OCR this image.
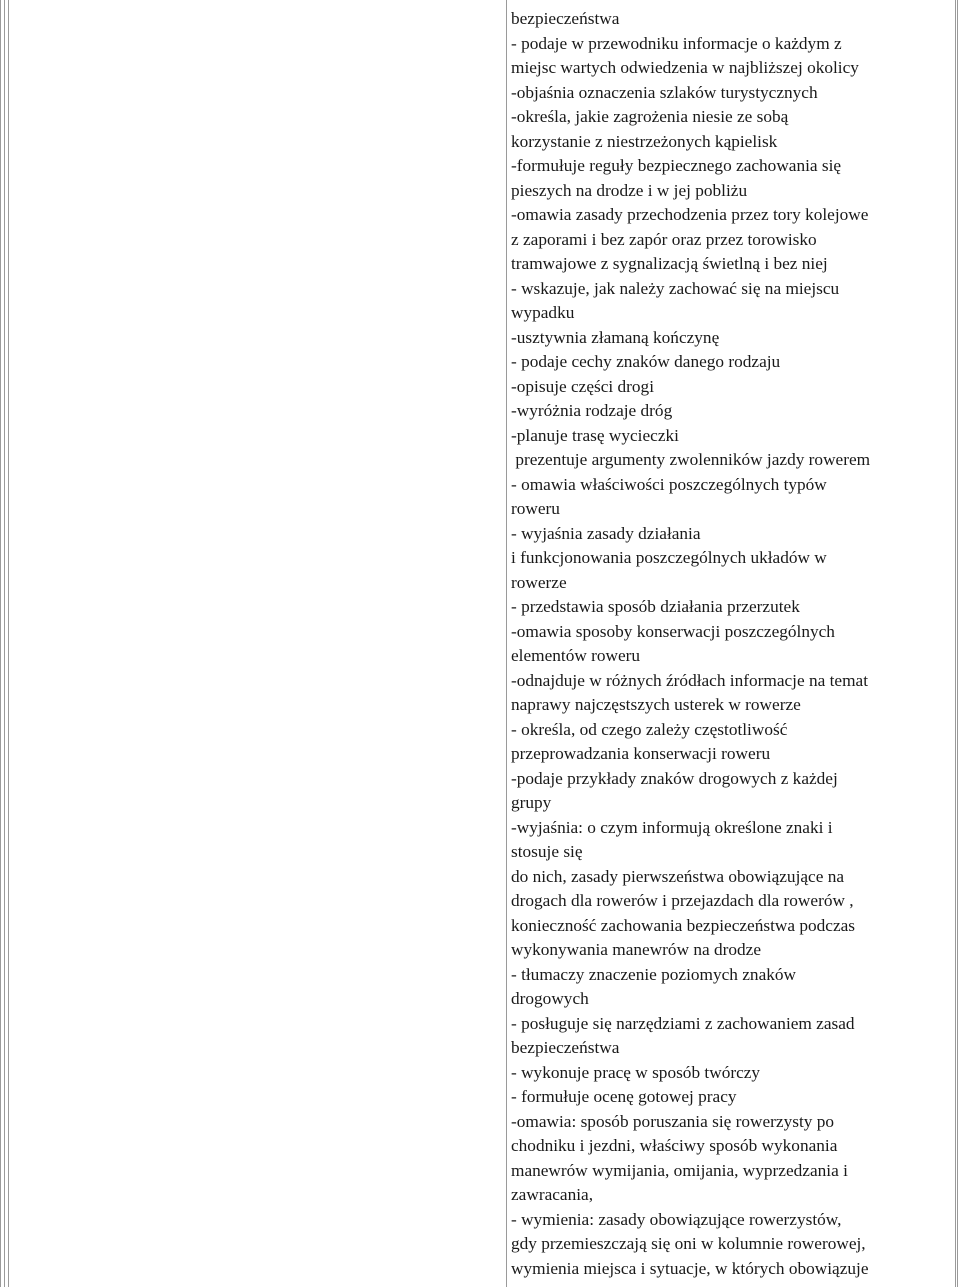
bezpieczeństwa
- podaje w przewodniku informacje o każdym z
miejsc wartych odwiedzenia w najbliższej okolicy
-objaśnia oznaczenia szlaków turystycznych
-określa, jakie zagrożenia niesie ze sobą
korzystanie z niestrzeżonych kąpielisk
-formułuje reguły bezpiecznego zachowania się
pieszych na drodze i w jej pobliżu
-omawia zasady przechodzenia przez tory kolejowe
z zaporami i bez zapór oraz przez torowisko
tramwajowe z sygnalizacją świetlną i bez niej
- wskazuje, jak należy zachować się na miejscu
wypadku
-usztywnia złamaną kończynę
- podaje cechy znaków danego rodzaju
-opisuje części drogi
-wyróżnia rodzaje dróg
-planuje trasę wycieczki
prezentuje argumenty zwolenników jazdy rowerem
- omawia właściwości poszczególnych typów
roweru
- wyjaśnia zasady działania
i funkcjonowania poszczególnych układów w
rowerze
- przedstawia sposób działania przerzutek
-omawia sposoby konserwacji poszczególnych
elementów roweru
-odnajduje w różnych źródłach informacje na temat
naprawy najczęstszych usterek w rowerze
- określa, od czego zależy częstotliwość
przeprowadzania konserwacji roweru
-podaje przykłady znaków drogowych z każdej
grupy
-wyjaśnia: o czym informują określone znaki i
stosuje się
do nich, zasady pierwszeństwa obowiązujące na
drogach dla rowerów i przejazdach dla rowerów ,
konieczność zachowania bezpieczeństwa podczas
wykonywania manewrów na drodze
- tłumaczy znaczenie poziomych znaków
drogowych
- posługuje się narzędziami z zachowaniem zasad
bezpieczeństwa
- wykonuje pracę w sposób twórczy
- formułuje ocenę gotowej pracy
-omawia: sposób poruszania się rowerzysty po
chodniku i jezdni, właściwy sposób wykonania
manewrów wymijania, omijania, wyprzedzania i
zawracania,
- wymienia: zasady obowiązujące rowerzystów,
gdy przemieszczają się oni w kolumnie rowerowej,
wymienia miejsca i sytuacje, w których obowiązuje
